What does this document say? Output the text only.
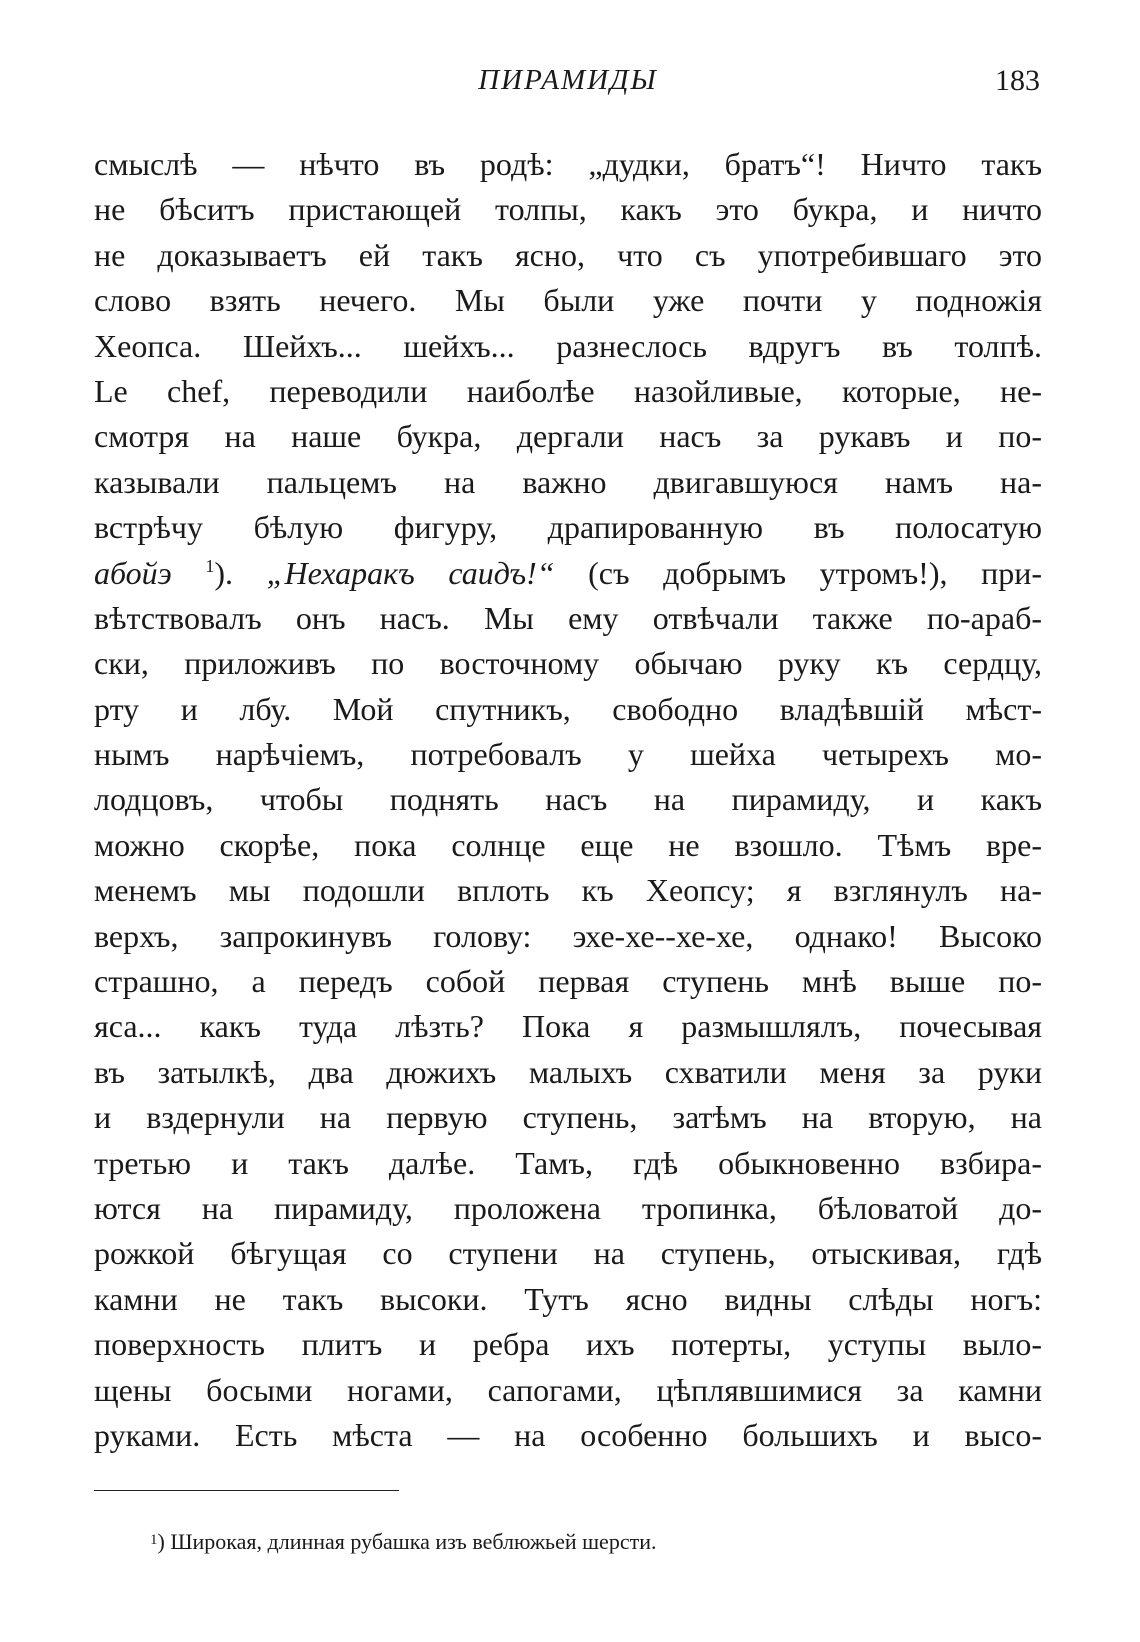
ПИРАМИДЫ	183
смыслѣ — нѣчто въ родѣ: „дудки, братъ“! Ничто такъ
не бѣситъ пристающей толпы, какъ это букра, и ничто
не доказываетъ ей такъ ясно, что съ употребившаго это
слово взять нечего. Мы были уже почти у подножія
Хеопса. Шейхъ... шейхъ... разнеслось вдругъ въ толпѣ.
Le chef, переводили наиболѣе назойливые, которые, не-
смотря на наше букра, дергали насъ за рукавъ и по-
казывали пальцемъ на важно двигавшуюся намъ на-
встрѣчу бѣлую фигуру, драпированную въ полосатую
абойэ $^1$). „Нехаракъ саидъ!“ (съ добрымъ утромъ!), при-
вѣтствовалъ онъ насъ. Мы ему отвѣчали также по-араб-
ски, приложивъ по восточному обычаю руку къ сердцу,
рту и лбу. Мой спутникъ, свободно владѣвшій мѣст-
нымъ нарѣчіемъ, потребовалъ у шейха четырехъ мо-
лодцовъ, чтобы поднять насъ на пирамиду, и какъ
можно скорѣе, пока солнце еще не взошло. Тѣмъ вре-
менемъ мы подошли вплоть къ Хеопсу; я взглянулъ на-
верхъ, запрокинувъ голову: эхе-хе--хе-хе, однако! Высоко
страшно, а передъ собой первая ступень мнѣ выше по-
яса... какъ туда лѣзть? Пока я размышлялъ, почесывая
въ затылкѣ, два дюжихъ малыхъ схватили меня за руки
и вздернули на первую ступень, затѣмъ на вторую, на
третью и такъ далѣе. Тамъ, гдѣ обыкновенно взбира-
ются на пирамиду, проложена тропинка, бѣловатой до-
рожкой бѣгущая со ступени на ступень, отыскивая, гдѣ
камни не такъ высоки. Тутъ ясно видны слѣды ногъ:
поверхность плитъ и ребра ихъ потерты, уступы выло-
щены босыми ногами, сапогами, цѣплявшимися за камни
руками. Есть мѣста — на особенно большихъ и высо-
$^1$) Широкая, длинная рубашка изъ веблюжьей шерсти.
